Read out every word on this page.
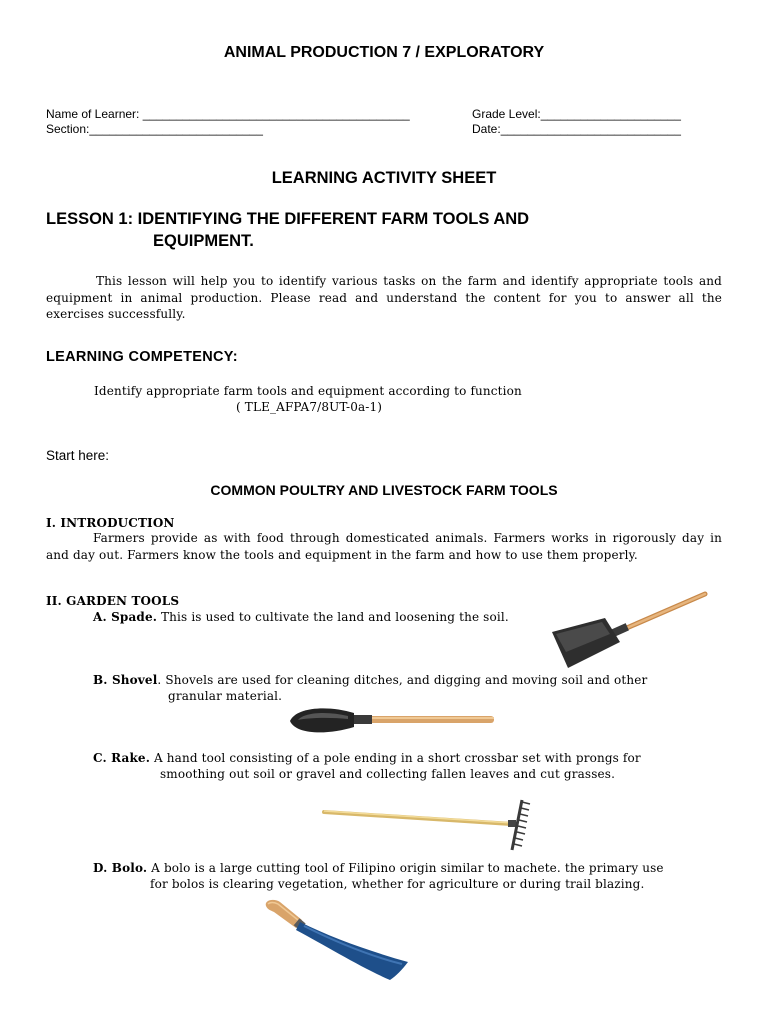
ANIMAL PRODUCTION 7 / EXPLORATORY
Name of Learner: ________________________________________	Grade Level:_____________________
Section:__________________________	Date:___________________________
LEARNING ACTIVITY SHEET
LESSON 1: IDENTIFYING THE DIFFERENT FARM TOOLS AND
EQUIPMENT.
This lesson will help you to identify various tasks on the farm and identify appropriate tools and equipment in animal production. Please read and understand the content for you to answer all the exercises successfully.
LEARNING COMPETENCY:
Identify appropriate farm tools and equipment according to function
( TLE_AFPA7/8UT-0a-1)
Start here:
COMMON POULTRY AND LIVESTOCK FARM TOOLS
I. INTRODUCTION
Farmers provide as with food through domesticated animals. Farmers works in rigorously day in and day out. Farmers know the tools and equipment in the farm and how to use them properly.
II. GARDEN TOOLS
A. Spade. This is used to cultivate the land and loosening the soil.
B. Shovel. Shovels are used for cleaning ditches, and digging and moving soil and other
granular material.
C. Rake. A hand tool consisting of a pole ending in a short crossbar set with prongs for
smoothing out soil or gravel and collecting fallen leaves and cut grasses.
D. Bolo. A bolo is a large cutting tool of Filipino origin similar to machete. the primary use
for bolos is clearing vegetation, whether for agriculture or during trail blazing.
